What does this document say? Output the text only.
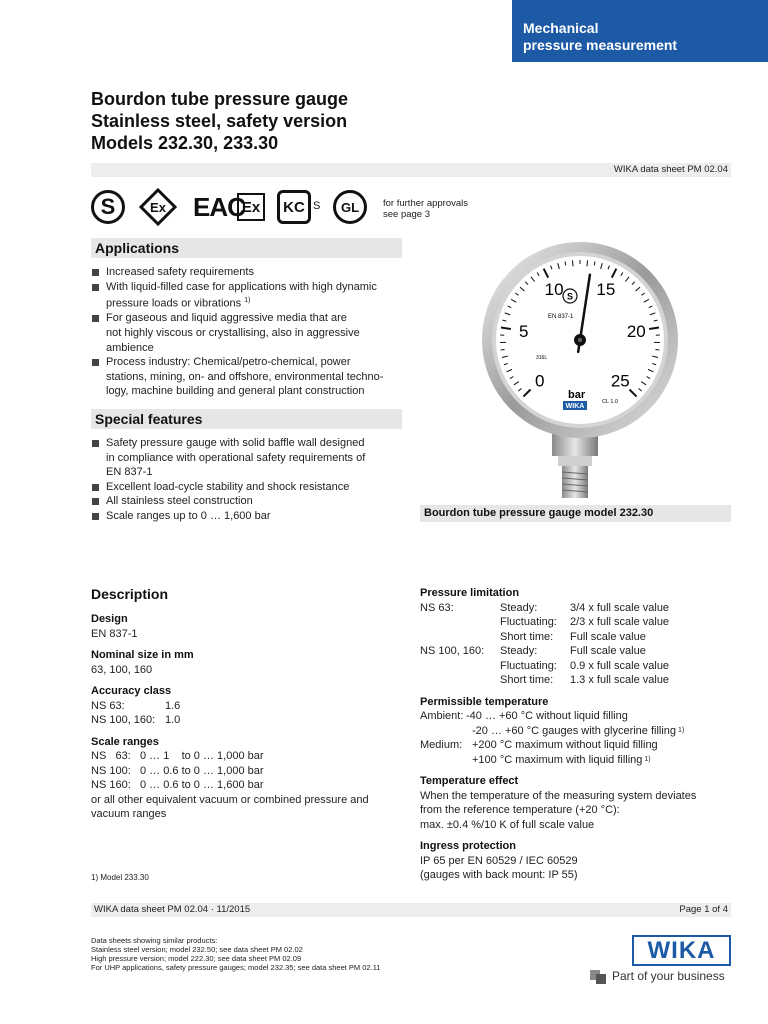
Mechanical
pressure measurement
Bourdon tube pressure gauge
Stainless steel, safety version
Models 232.30, 233.30
WIKA data sheet PM 02.04
S	Ex EAC
Ex	KC S	GL	for further approvals
see page 3
Applications
Increased safety requirements
With liquid-filled case for applications with high dynamic
pressure loads or vibrations $^{1)}$
For gaseous and liquid aggressive media that are
not highly viscous or crystallising, also in aggressive
ambience
Process industry: Chemical/petro-chemical, power
stations, mining, on- and offshore, environmental techno-
logy, machine building and general plant construction
Special features
Safety pressure gauge with solid baffle wall designed
in compliance with operational safety requirements of
EN 837-1
Excellent load-cycle stability and shock resistance
All stainless steel construction
Scale ranges up to 0 … 1,600 bar
0
5
10 15
20
25
S
EN 837-1
316L
bar
CL 1.0
WIKA
Bourdon tube pressure gauge model 232.30
Description
Design
EN 837-1
Nominal size in mm
63, 100, 160
Accuracy class
NS 63:	1.6
NS 100, 160: 1.0
Scale ranges
NS   63: 0 … 1    to 0 … 1,000 bar
NS 100: 0 … 0.6 to 0 … 1,000 bar
NS 160: 0 … 0.6 to 0 … 1,600 bar
or all other equivalent vacuum or combined pressure and
vacuum ranges
Pressure limitation
NS 63:	Steady:	3/4 x full scale value
Fluctuating:	2/3 x full scale value
Short time:	Full scale value
NS 100, 160:	Steady:	Full scale value
Fluctuating:	0.9 x full scale value
Short time:	1.3 x full scale value
Permissible temperature
Ambient: -40 … +60 °C without liquid filling
-20 … +60 °C gauges with glycerine filling 1)
Medium: +200 °C maximum without liquid filling
+100 °C maximum with liquid filling 1)
Temperature effect
When the temperature of the measuring system deviates
from the reference temperature (+20 °C):
max. ±0.4 %/10 K of full scale value
Ingress protection
IP 65 per EN 60529 / IEC 60529
(gauges with back mount: IP 55)
1) Model 233.30
WIKA data sheet PM 02.04 · 11/2015	Page 1 of 4
Data sheets showing similar products:
Stainless steel version; model 232.50; see data sheet PM 02.02
High pressure version; model 222.30; see data sheet PM 02.09
For UHP applications, safety pressure gauges; model 232.35; see data sheet PM 02.11
WIKA
Part of your business
